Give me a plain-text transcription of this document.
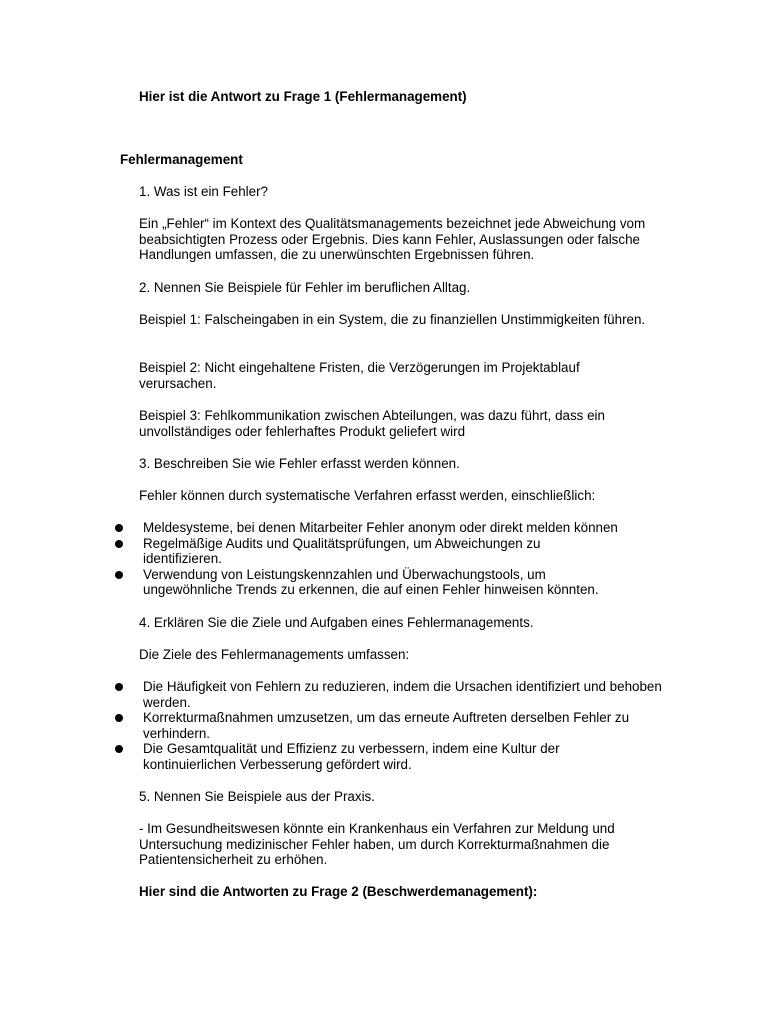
Hier ist die Antwort zu Frage 1 (Fehlermanagement)

Fehlermanagement

1. Was ist ein Fehler?

Ein „Fehler“ im Kontext des Qualitätsmanagements bezeichnet jede Abweichung vom beabsichtigten Prozess oder Ergebnis. Dies kann Fehler, Auslassungen oder falsche Handlungen umfassen, die zu unerwünschten Ergebnissen führen.

2. Nennen Sie Beispiele für Fehler im beruflichen Alltag.

Beispiel 1: Falscheingaben in ein System, die zu finanziellen Unstimmigkeiten führen.

Beispiel 2: Nicht eingehaltene Fristen, die Verzögerungen im Projektablauf verursachen.

Beispiel 3: Fehlkommunikation zwischen Abteilungen, was dazu führt, dass ein unvollständiges oder fehlerhaftes Produkt geliefert wird

3. Beschreiben Sie wie Fehler erfasst werden können.

Fehler können durch systematische Verfahren erfasst werden, einschließlich:

Meldesysteme, bei denen Mitarbeiter Fehler anonym oder direkt melden können
Regelmäßige Audits und Qualitätsprüfungen, um Abweichungen zu identifizieren.
Verwendung von Leistungskennzahlen und Überwachungstools, um ungewöhnliche Trends zu erkennen, die auf einen Fehler hinweisen könnten.

4. Erklären Sie die Ziele und Aufgaben eines Fehlermanagements.

Die Ziele des Fehlermanagements umfassen:

Die Häufigkeit von Fehlern zu reduzieren, indem die Ursachen identifiziert und behoben werden.
Korrekturmaßnahmen umzusetzen, um das erneute Auftreten derselben Fehler zu verhindern.
Die Gesamtqualität und Effizienz zu verbessern, indem eine Kultur der kontinuierlichen Verbesserung gefördert wird.

5. Nennen Sie Beispiele aus der Praxis.

- Im Gesundheitswesen könnte ein Krankenhaus ein Verfahren zur Meldung und Untersuchung medizinischer Fehler haben, um durch Korrekturmaßnahmen die Patientensicherheit zu erhöhen.

Hier sind die Antworten zu Frage 2 (Beschwerdemanagement):
